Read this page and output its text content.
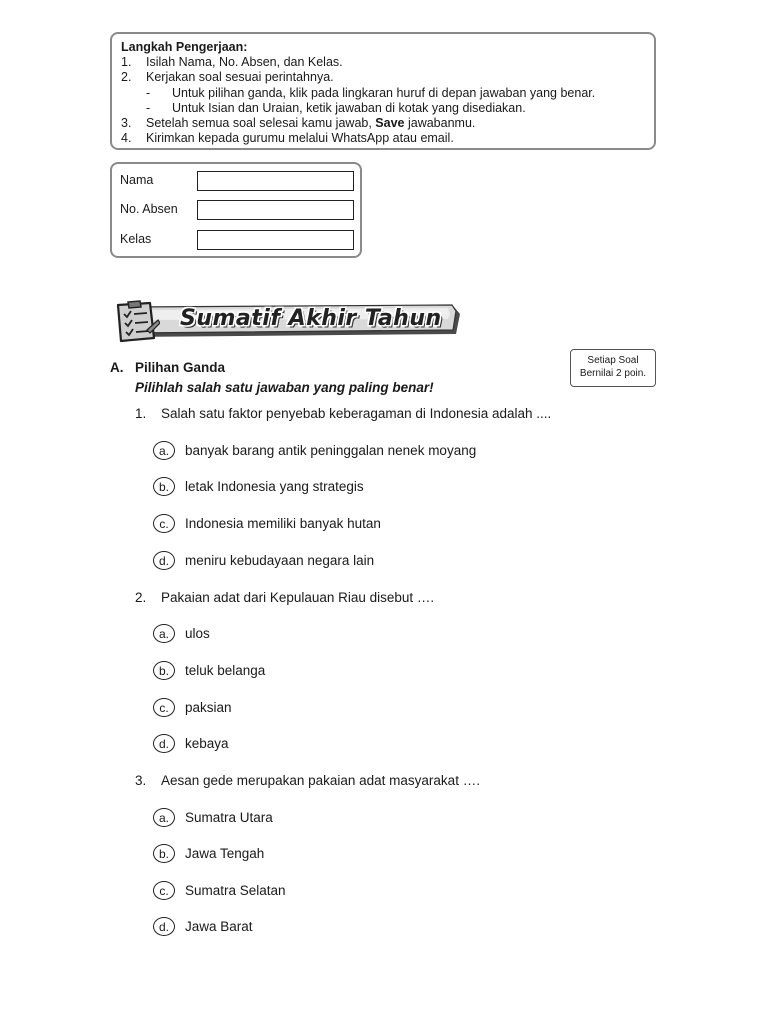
Langkah Pengerjaan:
1.	Isilah Nama, No. Absen, dan Kelas.
2.	Kerjakan soal sesuai perintahnya.
-	Untuk pilihan ganda, klik pada lingkaran huruf di depan jawaban yang benar.
-	Untuk Isian dan Uraian, ketik jawaban di kotak yang disediakan.
3.	Setelah semua soal selesai kamu jawab, Save jawabanmu.
4.	Kirimkan kepada gurumu melalui WhatsApp atau email.
Nama
No. Absen
Kelas
Sumatif Akhir Tahun
A. Pilihan Ganda
Pilihlah salah satu jawaban yang paling benar!
Setiap Soal
Bernilai 2 poin.
1.	Salah satu faktor penyebab keberagaman di Indonesia adalah ....
a.	banyak barang antik peninggalan nenek moyang
b.	letak Indonesia yang strategis
c.	Indonesia memiliki banyak hutan
d.	meniru kebudayaan negara lain
2.	Pakaian adat dari Kepulauan Riau disebut ….
a.	ulos
b.	teluk belanga
c.	paksian
d.	kebaya
3.	Aesan gede merupakan pakaian adat masyarakat ….
a.	Sumatra Utara
b.	Jawa Tengah
c.	Sumatra Selatan
d.	Jawa Barat
